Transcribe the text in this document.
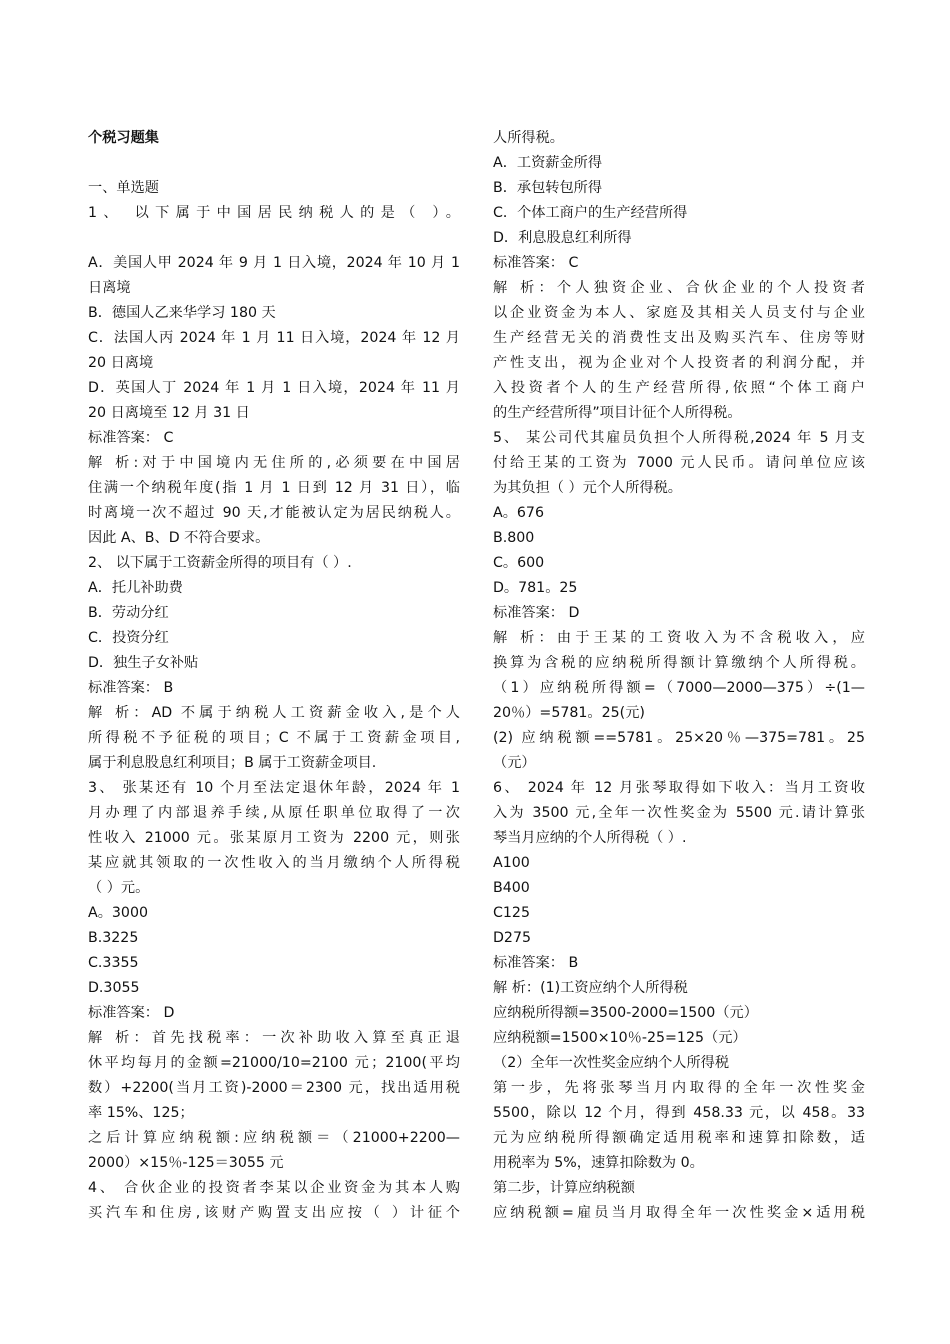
个税习题集
一、单选题
1、 以下属于中国居民纳税人的是（ ）。
A．美国人甲 2024 年 9 月 1 日入境，2024 年 10 月 1
日离境
B．德国人乙来华学习 180 天
C．法国人丙 2024 年 1 月 11 日入境，2024 年 12 月
20 日离境
D．英国人丁 2024 年 1 月 1 日入境，2024 年 11 月
20 日离境至 12 月 31 日
标准答案： C
解 析:对于中国境内无住所的,必须要在中国居
住满一个纳税年度(指 1 月 1 日到 12 月 31 日），临
时离境一次不超过 90 天,才能被认定为居民纳税人。
因此 A、B、D 不符合要求。
2、 以下属于工资薪金所得的项目有（ ）.
A．托儿补助费
B．劳动分红
C．投资分红
D．独生子女补贴
标准答案： B
解 析：AD 不属于纳税人工资薪金收入,是个人
所得税不予征税的项目；C 不属于工资薪金项目,
属于利息股息红利项目；B 属于工资薪金项目.
3、 张某还有 10 个月至法定退休年龄，2024 年 1
月办理了内部退养手续,从原任职单位取得了一次
性收入 21000 元。张某原月工资为 2200 元，则张
某应就其领取的一次性收入的当月缴纳个人所得税
（ ）元。
A。3000
B.3225
C.3355
D.3055
标准答案： D
解 析：首先找税率：一次补助收入算至真正退
休平均每月的金额=21000/10=2100 元；2100(平均
数）+2200(当月工资)-2000＝2300 元，找出适用税
率 15%、125；
之后计算应纳税额:应纳税额＝（21000+2200—
2000）×15％-125＝3055 元
4、 合伙企业的投资者李某以企业资金为其本人购
买汽车和住房,该财产购置支出应按（ ）计征个
人所得税。
A．工资薪金所得
B．承包转包所得
C．个体工商户的生产经营所得
D．利息股息红利所得
标准答案： C
解 析：个人独资企业、合伙企业的个人投资者
以企业资金为本人、家庭及其相关人员支付与企业
生产经营无关的消费性支出及购买汽车、住房等财
产性支出，视为企业对个人投资者的利润分配，并
入投资者个人的生产经营所得,依照“个体工商户
的生产经营所得”项目计征个人所得税。
5、 某公司代其雇员负担个人所得税,2024 年 5 月支
付给王某的工资为 7000 元人民币。请问单位应该
为其负担（ ）元个人所得税。
A。676
B.800
C。600
D。781。25
标准答案： D
解 析：由于王某的工资收入为不含税收入，应
换算为含税的应纳税所得额计算缴纳个人所得税。
（1）应纳税所得额=（7000—2000—375）÷(1—
20％）=5781。25(元)
(2) 应纳税额==5781。25×20％—375=781。25
（元）
6、 2024 年 12 月张琴取得如下收入：当月工资收
入为 3500 元,全年一次性奖金为 5500 元.请计算张
琴当月应纳的个人所得税（ ）.
A100
B400
C125
D275
标准答案： B
解 析：(1)工资应纳个人所得税
应纳税所得额=3500-2000=1500（元）
应纳税额=1500×10％-25=125（元）
（2）全年一次性奖金应纳个人所得税
第一步，先将张琴当月内取得的全年一次性奖金
5500，除以 12 个月，得到 458.33 元，以 458。33
元为应纳税所得额确定适用税率和速算扣除数，适
用税率为 5%，速算扣除数为 0。
第二步，计算应纳税额
应纳税额=雇员当月取得全年一次性奖金×适用税
